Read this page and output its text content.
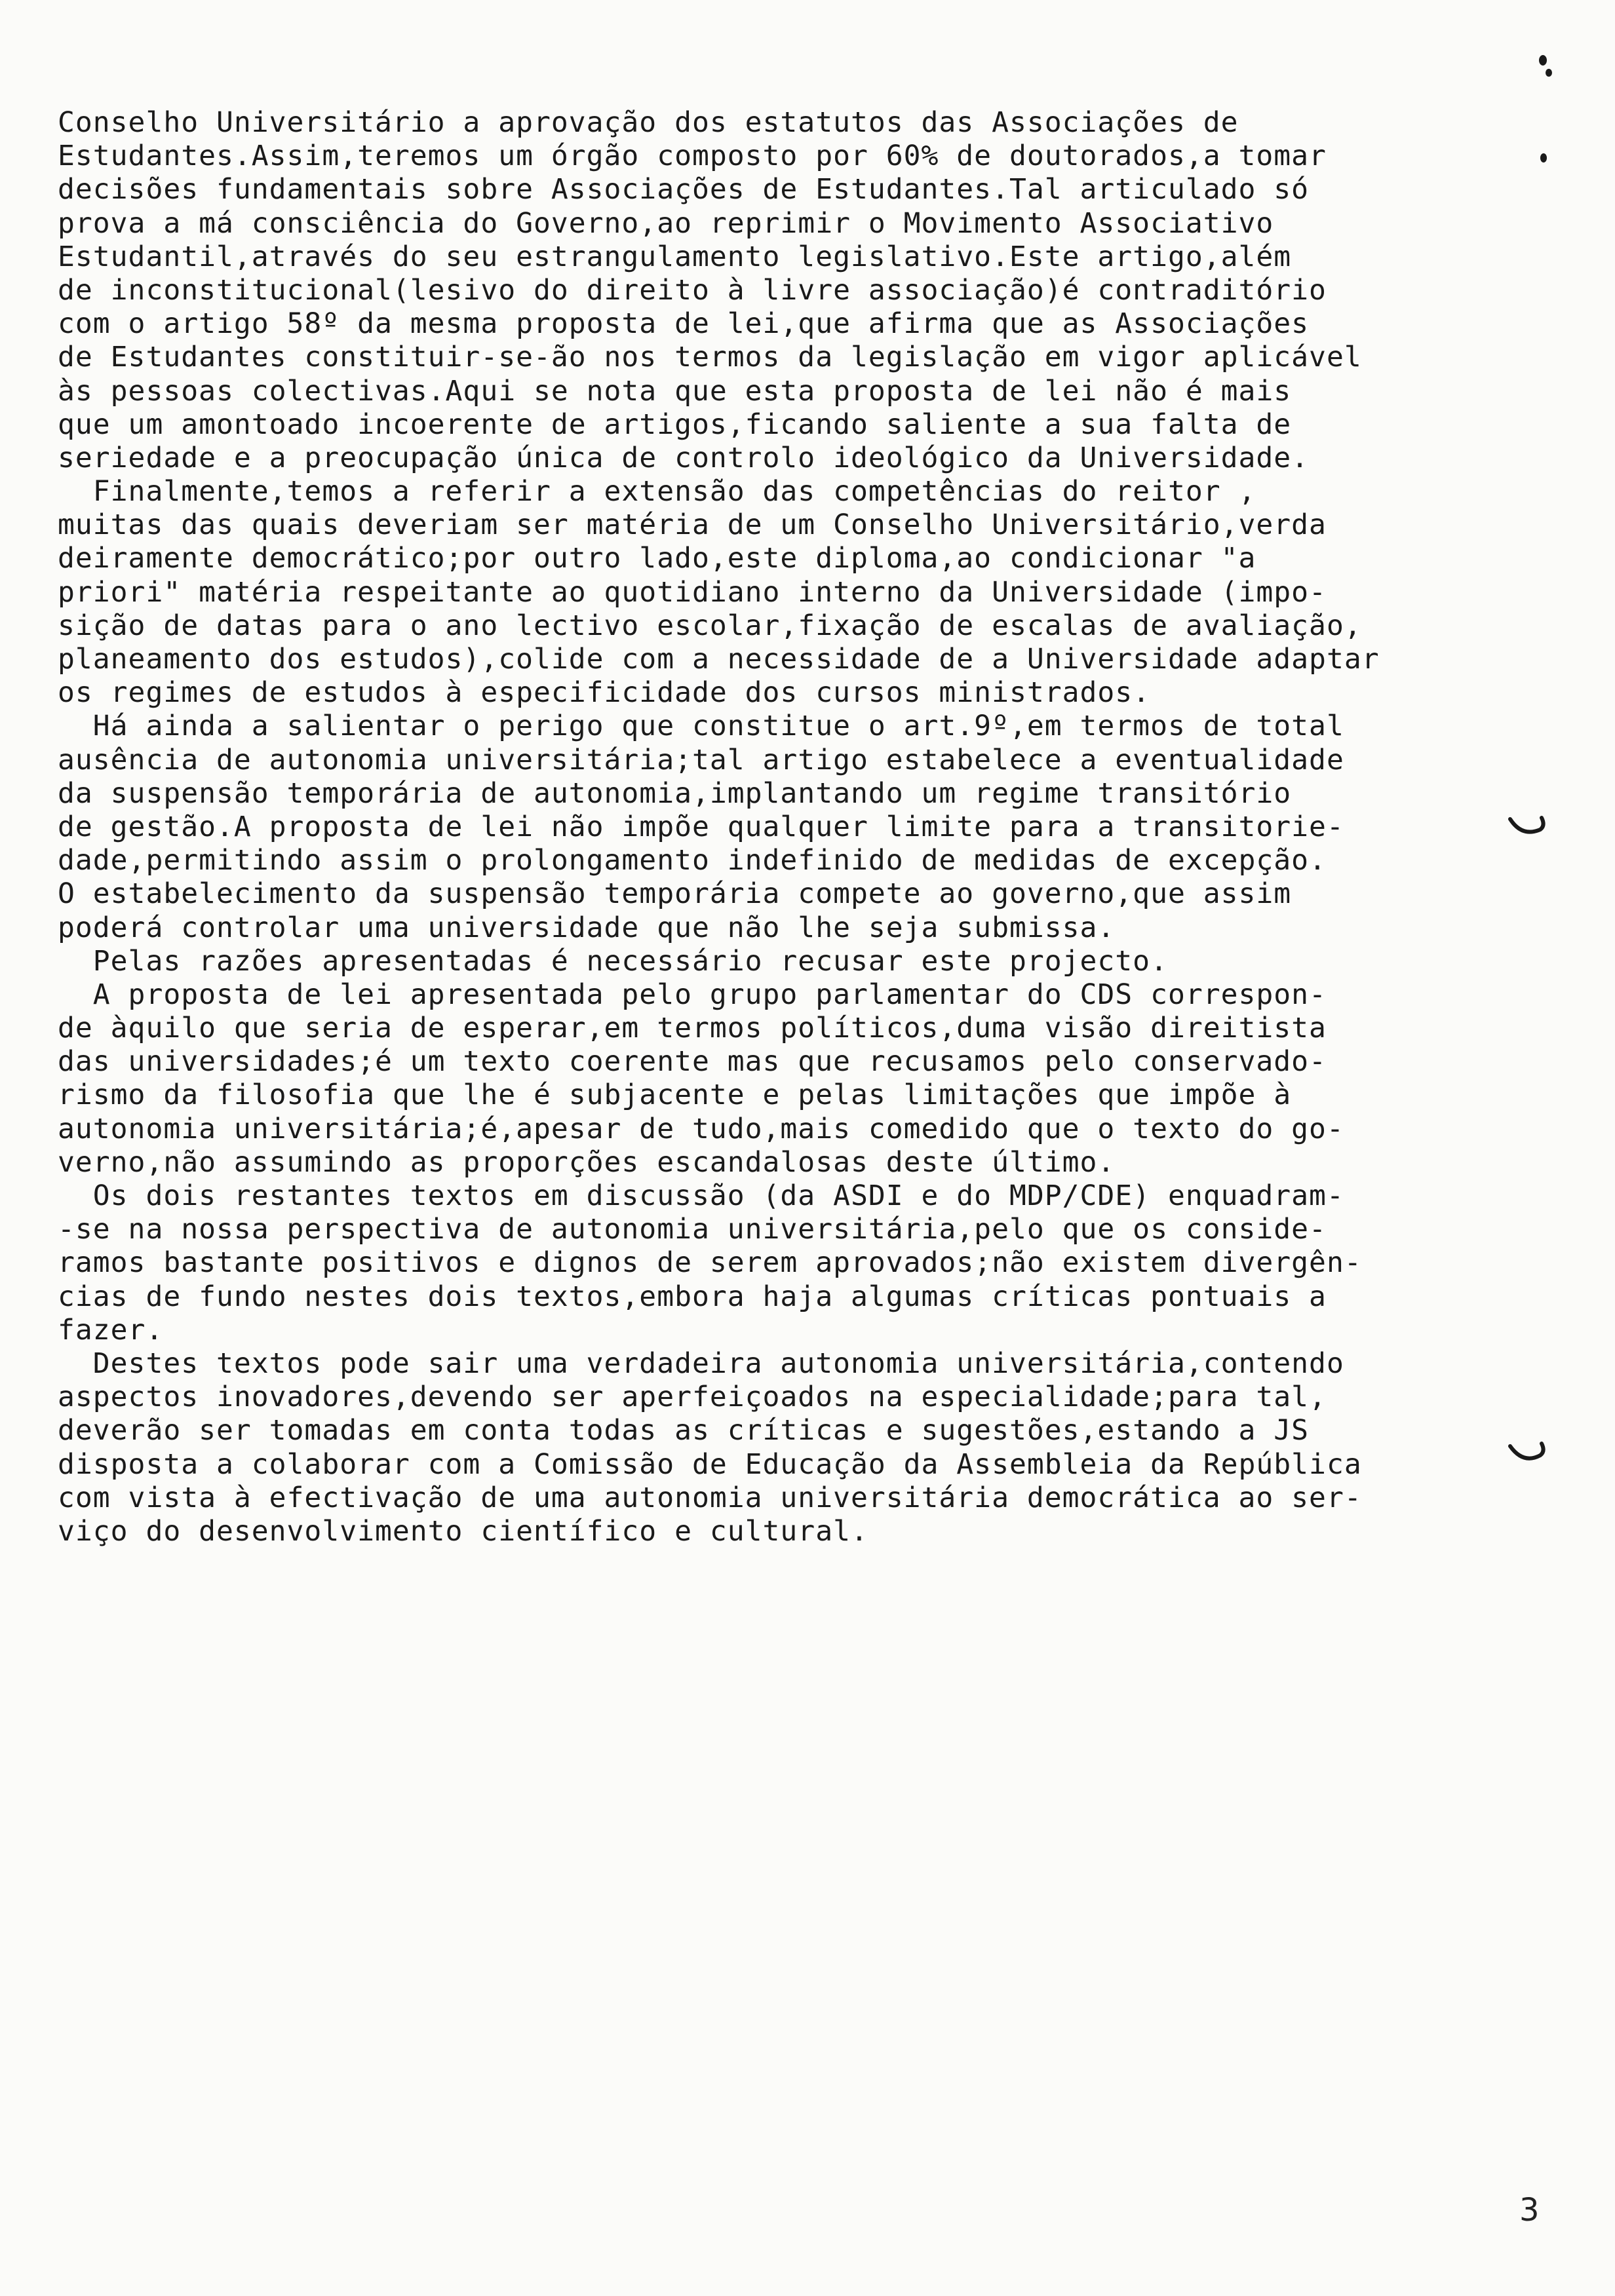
Conselho Universitário a aprovação dos estatutos das Associações de
Estudantes.Assim,teremos um órgão composto por 60% de doutorados,a tomar
decisões fundamentais sobre Associações de Estudantes.Tal articulado só
prova a má consciência do Governo,ao reprimir o Movimento Associativo
Estudantil,através do seu estrangulamento legislativo.Este artigo,além
de inconstitucional(lesivo do direito à livre associação)é contraditório
com o artigo 58º da mesma proposta de lei,que afirma que as Associações
de Estudantes constituir-se-ão nos termos da legislação em vigor aplicável
às pessoas colectivas.Aqui se nota que esta proposta de lei não é mais
que um amontoado incoerente de artigos,ficando saliente a sua falta de
seriedade e a preocupação única de controlo ideológico da Universidade.
Finalmente,temos a referir a extensão das competências do reitor ,
muitas das quais deveriam ser matéria de um Conselho Universitário,verda
deiramente democrático;por outro lado,este diploma,ao condicionar "a
priori" matéria respeitante ao quotidiano interno da Universidade (impo-
sição de datas para o ano lectivo escolar,fixação de escalas de avaliação,
planeamento dos estudos),colide com a necessidade de a Universidade adaptar
os regimes de estudos à especificidade dos cursos ministrados.
Há ainda a salientar o perigo que constitue o art.9º,em termos de total
ausência de autonomia universitária;tal artigo estabelece a eventualidade
da suspensão temporária de autonomia,implantando um regime transitório
de gestão.A proposta de lei não impõe qualquer limite para a transitorie-
dade,permitindo assim o prolongamento indefinido de medidas de excepção.
O estabelecimento da suspensão temporária compete ao governo,que assim
poderá controlar uma universidade que não lhe seja submissa.
Pelas razões apresentadas é necessário recusar este projecto.
A proposta de lei apresentada pelo grupo parlamentar do CDS correspon-
de àquilo que seria de esperar,em termos políticos,duma visão direitista
das universidades;é um texto coerente mas que recusamos pelo conservado-
rismo da filosofia que lhe é subjacente e pelas limitações que impõe à
autonomia universitária;é,apesar de tudo,mais comedido que o texto do go-
verno,não assumindo as proporções escandalosas deste último.
Os dois restantes textos em discussão (da ASDI e do MDP/CDE) enquadram-
-se na nossa perspectiva de autonomia universitária,pelo que os conside-
ramos bastante positivos e dignos de serem aprovados;não existem divergên-
cias de fundo nestes dois textos,embora haja algumas críticas pontuais a
fazer.
Destes textos pode sair uma verdadeira autonomia universitária,contendo
aspectos inovadores,devendo ser aperfeiçoados na especialidade;para tal,
deverão ser tomadas em conta todas as críticas e sugestões,estando a JS
disposta a colaborar com a Comissão de Educação da Assembleia da República
com vista à efectivação de uma autonomia universitária democrática ao ser-
viço do desenvolvimento científico e cultural.
3
